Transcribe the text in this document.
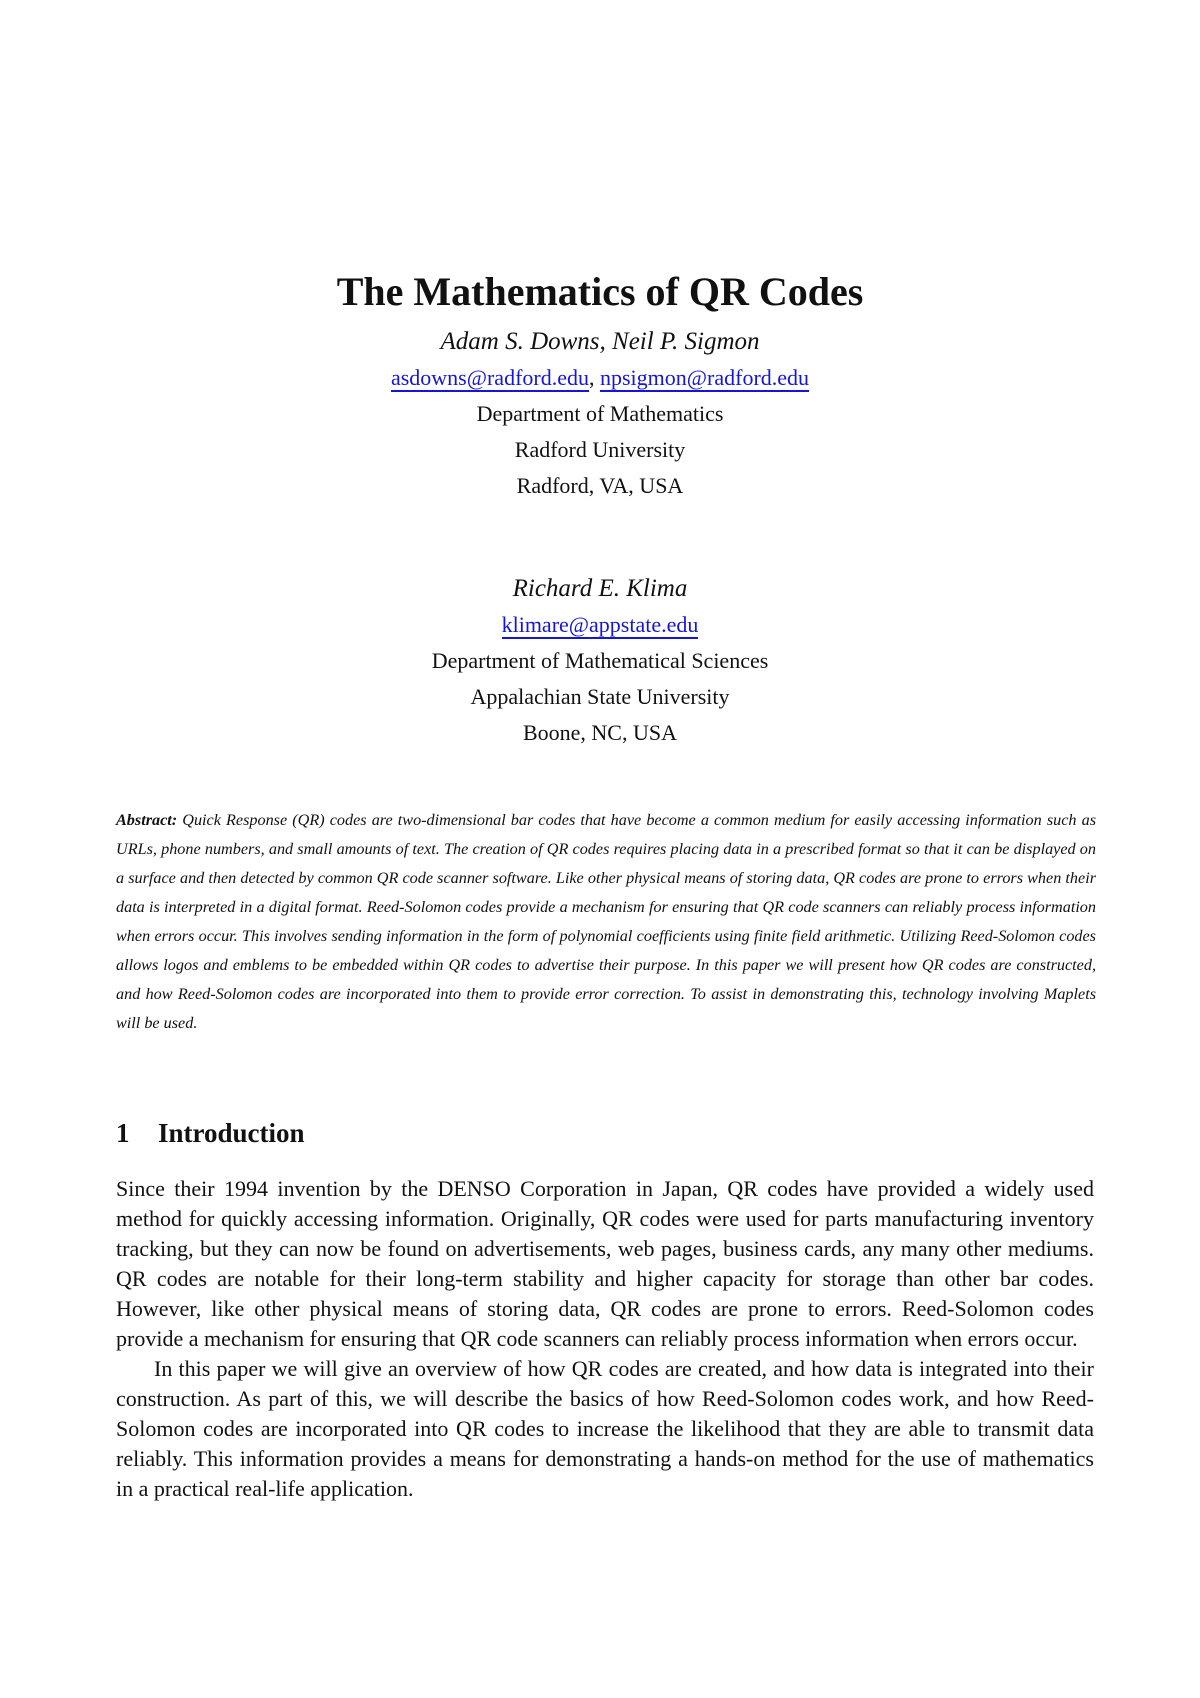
The Mathematics of QR Codes

Adam S. Downs, Neil P. Sigmon

asdowns@radford.edu, npsigmon@radford.edu

Department of Mathematics

Radford University

Radford, VA, USA

Richard E. Klima

klimare@appstate.edu

Department of Mathematical Sciences

Appalachian State University

Boone, NC, USA

Abstract: Quick Response (QR) codes are two-dimensional bar codes that have become a common medium for easily accessing information such as URLs, phone numbers, and small amounts of text. The creation of QR codes requires placing data in a prescribed format so that it can be displayed on a surface and then detected by common QR code scanner software. Like other physical means of storing data, QR codes are prone to errors when their data is interpreted in a digital format. Reed-Solomon codes provide a mechanism for ensuring that QR code scanners can reliably process information when errors occur. This involves sending information in the form of polynomial coefficients using finite field arithmetic. Utilizing Reed-Solomon codes allows logos and emblems to be embedded within QR codes to advertise their purpose. In this paper we will present how QR codes are constructed, and how Reed-Solomon codes are incorporated into them to provide error correction. To assist in demonstrating this, technology involving Maplets will be used.
1 Introduction

Since their 1994 invention by the DENSO Corporation in Japan, QR codes have provided a widely used method for quickly accessing information. Originally, QR codes were used for parts manufacturing inventory tracking, but they can now be found on advertisements, web pages, business cards, any many other mediums. QR codes are notable for their long-term stability and higher capacity for storage than other bar codes. However, like other physical means of storing data, QR codes are prone to errors. Reed-Solomon codes provide a mechanism for ensuring that QR code scanners can reliably process information when errors occur.

In this paper we will give an overview of how QR codes are created, and how data is integrated into their construction. As part of this, we will describe the basics of how Reed-Solomon codes work, and how Reed-Solomon codes are incorporated into QR codes to increase the likelihood that they are able to transmit data reliably. This information provides a means for demonstrating a hands-on method for the use of mathematics in a practical real-life application.
